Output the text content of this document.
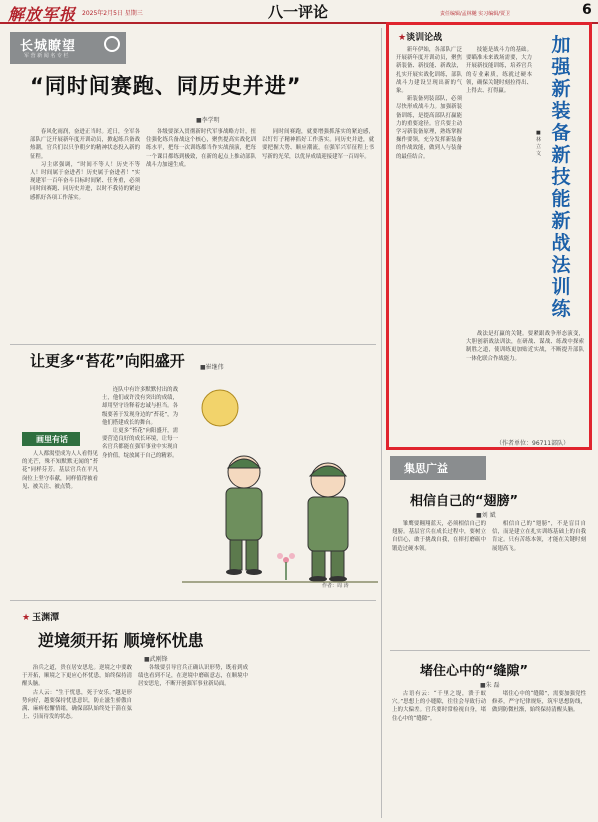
解放军报 2025年2月5日 星期三	八一评论	责任编辑/孟林樾 实习编辑/贾卫	6
长城瞭望
军 营 新 闻 名 专 栏
“同时间赛跑、同历史并进”
■李学明

春风化雨润，奋进正当时。近日，全军各部队广泛开展新年度开训动员，掀起练兵备战热潮，官兵们以只争朝夕的精神状态投入新的征程。

习主席强调，“时间不等人！历史不等人！时间属于奋进者！历史属于奋进者！”实现建军一百年奋斗目标时间紧、任务重，必须同时间赛跑、同历史并进，以时不我待的紧迫感抓好各项工作落实。

各级要深入贯彻新时代军事战略方针，扭住强化练兵备战这个核心，聚焦提高实战化训练水平，把每一次训练都当作实战预演，把每一个课目都练到极致，在新的起点上推动部队战斗力加速生成。

同时间赛跑，就要增强抓落实的紧迫感，以钉钉子精神抓好工作落实。同历史并进，就要把握大势、顺应潮流，在强军兴军征程上书写新的光荣，以优异成绩迎接建军一百周年。

让更多“苔花”向阳盛开	■崔继伟
画里有话

人人都渴望成为人人看得见的光芒，殊不知默默无闻的“苔花”同样芬芳。基层官兵在平凡岗位上坚守奉献，同样值得被看见、被关注、被点赞。

连队中有许多默默付出的战士，他们或许没有突出的成绩，却用坚守诠释着忠诚与担当。各级要善于发现身边的“苔花”，为他们搭建成长的舞台。

让更多“苔花”向阳盛开，需要营造良好的成长环境，让每一名官兵都能在强军事业中实现自身价值，绽放属于自己的精彩。

作者：周 涛
★ 玉渊潭
逆境须开拓 顺境怀忧患
■武刚锋

治兵之道，贵在居安思危。逆境之中要敢于开拓，顺境之下更应心怀忧患，始终保持清醒头脑。

古人云：“生于忧患，死于安乐。”越是形势向好，越要保持忧患意识，防止滋生骄傲自满、麻痹松懈情绪，确保部队始终处于箭在弦上、引而待发的状态。

各级要引导官兵正确认识形势，既看到成绩也看到不足，在逆境中磨砺意志，在顺境中居安思危，不断开创强军事业新局面。

★谈训论战	加强新装备新技能新战法训练
■林立文

新年伊始，各部队广泛开展新年度开训动员，聚焦新装备、新技能、新战法，扎实开展实战化训练，部队战斗力建设呈现出新的气象。

新装备列装部队，必须尽快形成战斗力。加强新装备训练，是提高部队打赢能力的重要途径。官兵要主动学习新装备原理，熟练掌握操作要领，充分发挥新装备的作战效能，做到人与装备的最佳结合。

技能是战斗力的基础。要瞄准未来战场需要，大力开展新技能训练，培养官兵的专业素质，练就过硬本领，确保关键时刻拉得出、上得去、打得赢。

战法是打赢的关键。要紧跟战争形态演变，大胆创新战法训法，在研战、谋战、练战中探索制胜之道，使训练更加贴近实战，不断提升部队一体化联合作战能力。

（作者单位：96711部队）
集思广益
相信自己的“翅膀”
■刘 斌

雏鹰要翱翔蓝天，必须相信自己的翅膀。基层官兵在成长过程中，要树立自信心，敢于挑战自我，在摔打磨砺中锻造过硬本领。

相信自己的“翅膀”，不是盲目自信，而是建立在扎实训练基础上的自我肯定。只有苦练本领，才能在关键时刻展翅高飞。

堵住心中的“缝隙”
■朱 磊

古语有云：“千里之堤，溃于蚁穴。”思想上的小缝隙，往往会导致行动上的大偏差。官兵要时常检视自身，堵住心中的“缝隙”。

堵住心中的“缝隙”，需要加强党性修养，严守纪律规矩，筑牢思想防线，做到防微杜渐，始终保持清醒头脑。
